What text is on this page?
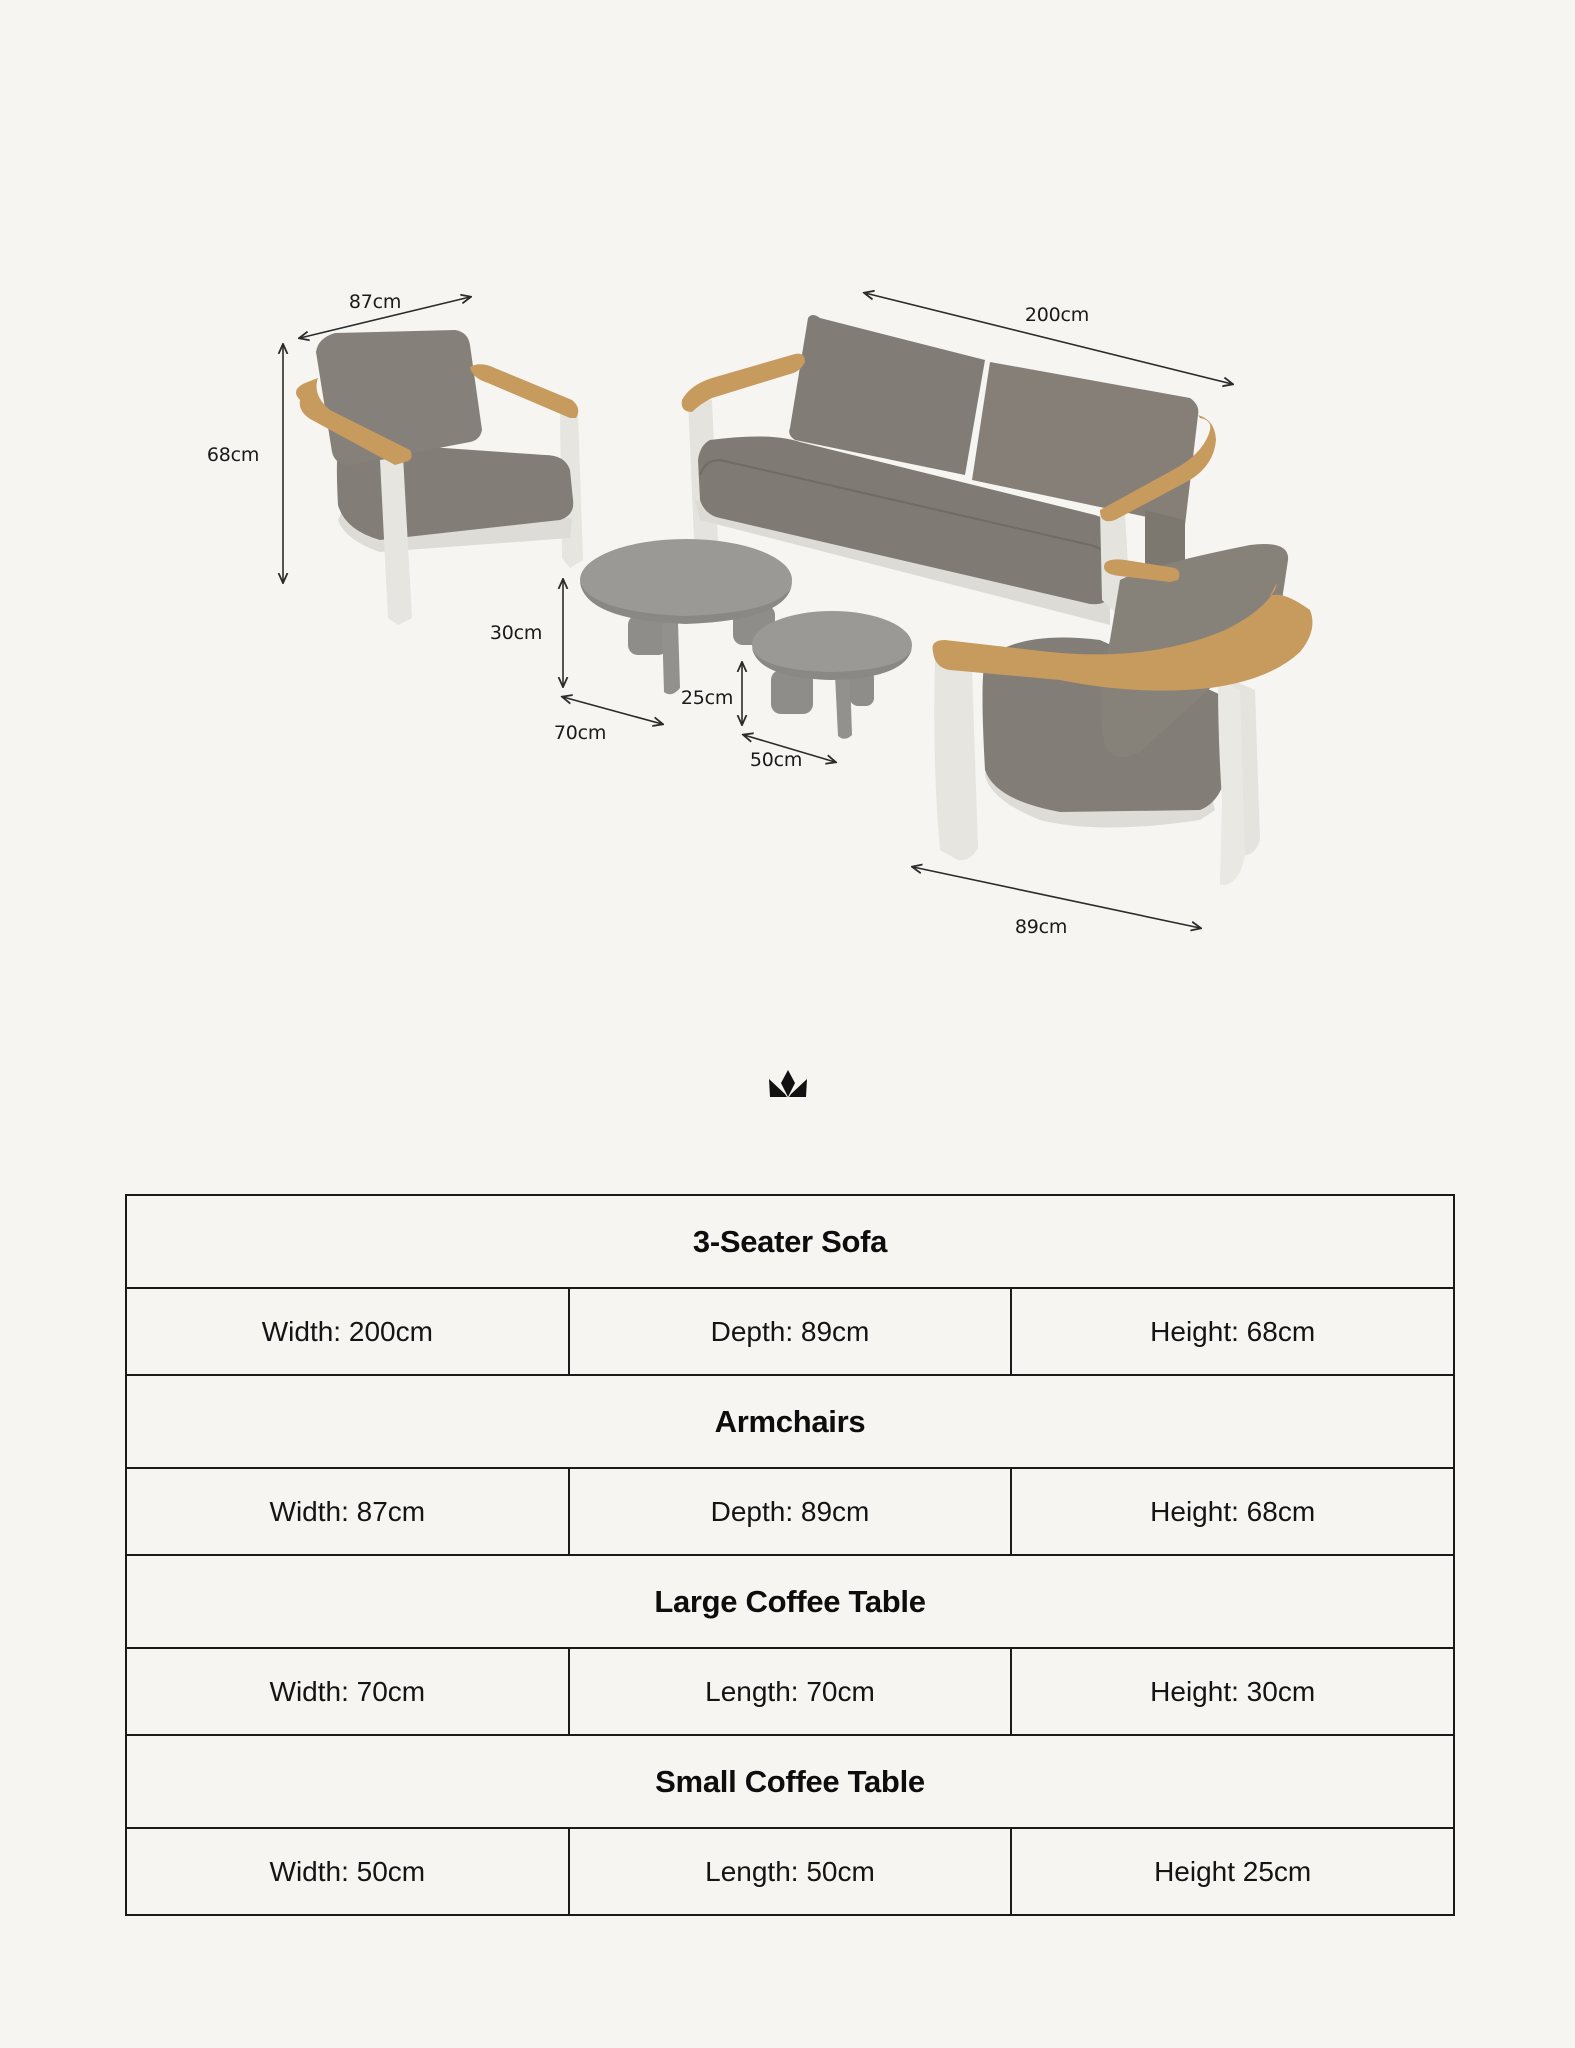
87cm
68cm
200cm
30cm
70cm
25cm
50cm
89cm
3-Seater Sofa		
Width: 200cm	Depth: 89cm	Height: 68cm
Armchairs		
Width: 87cm	Depth: 89cm	Height: 68cm
Large Coffee Table		
Width: 70cm	Length: 70cm	Height: 30cm
Small Coffee Table		
Width: 50cm	Length: 50cm	Height 25cm
